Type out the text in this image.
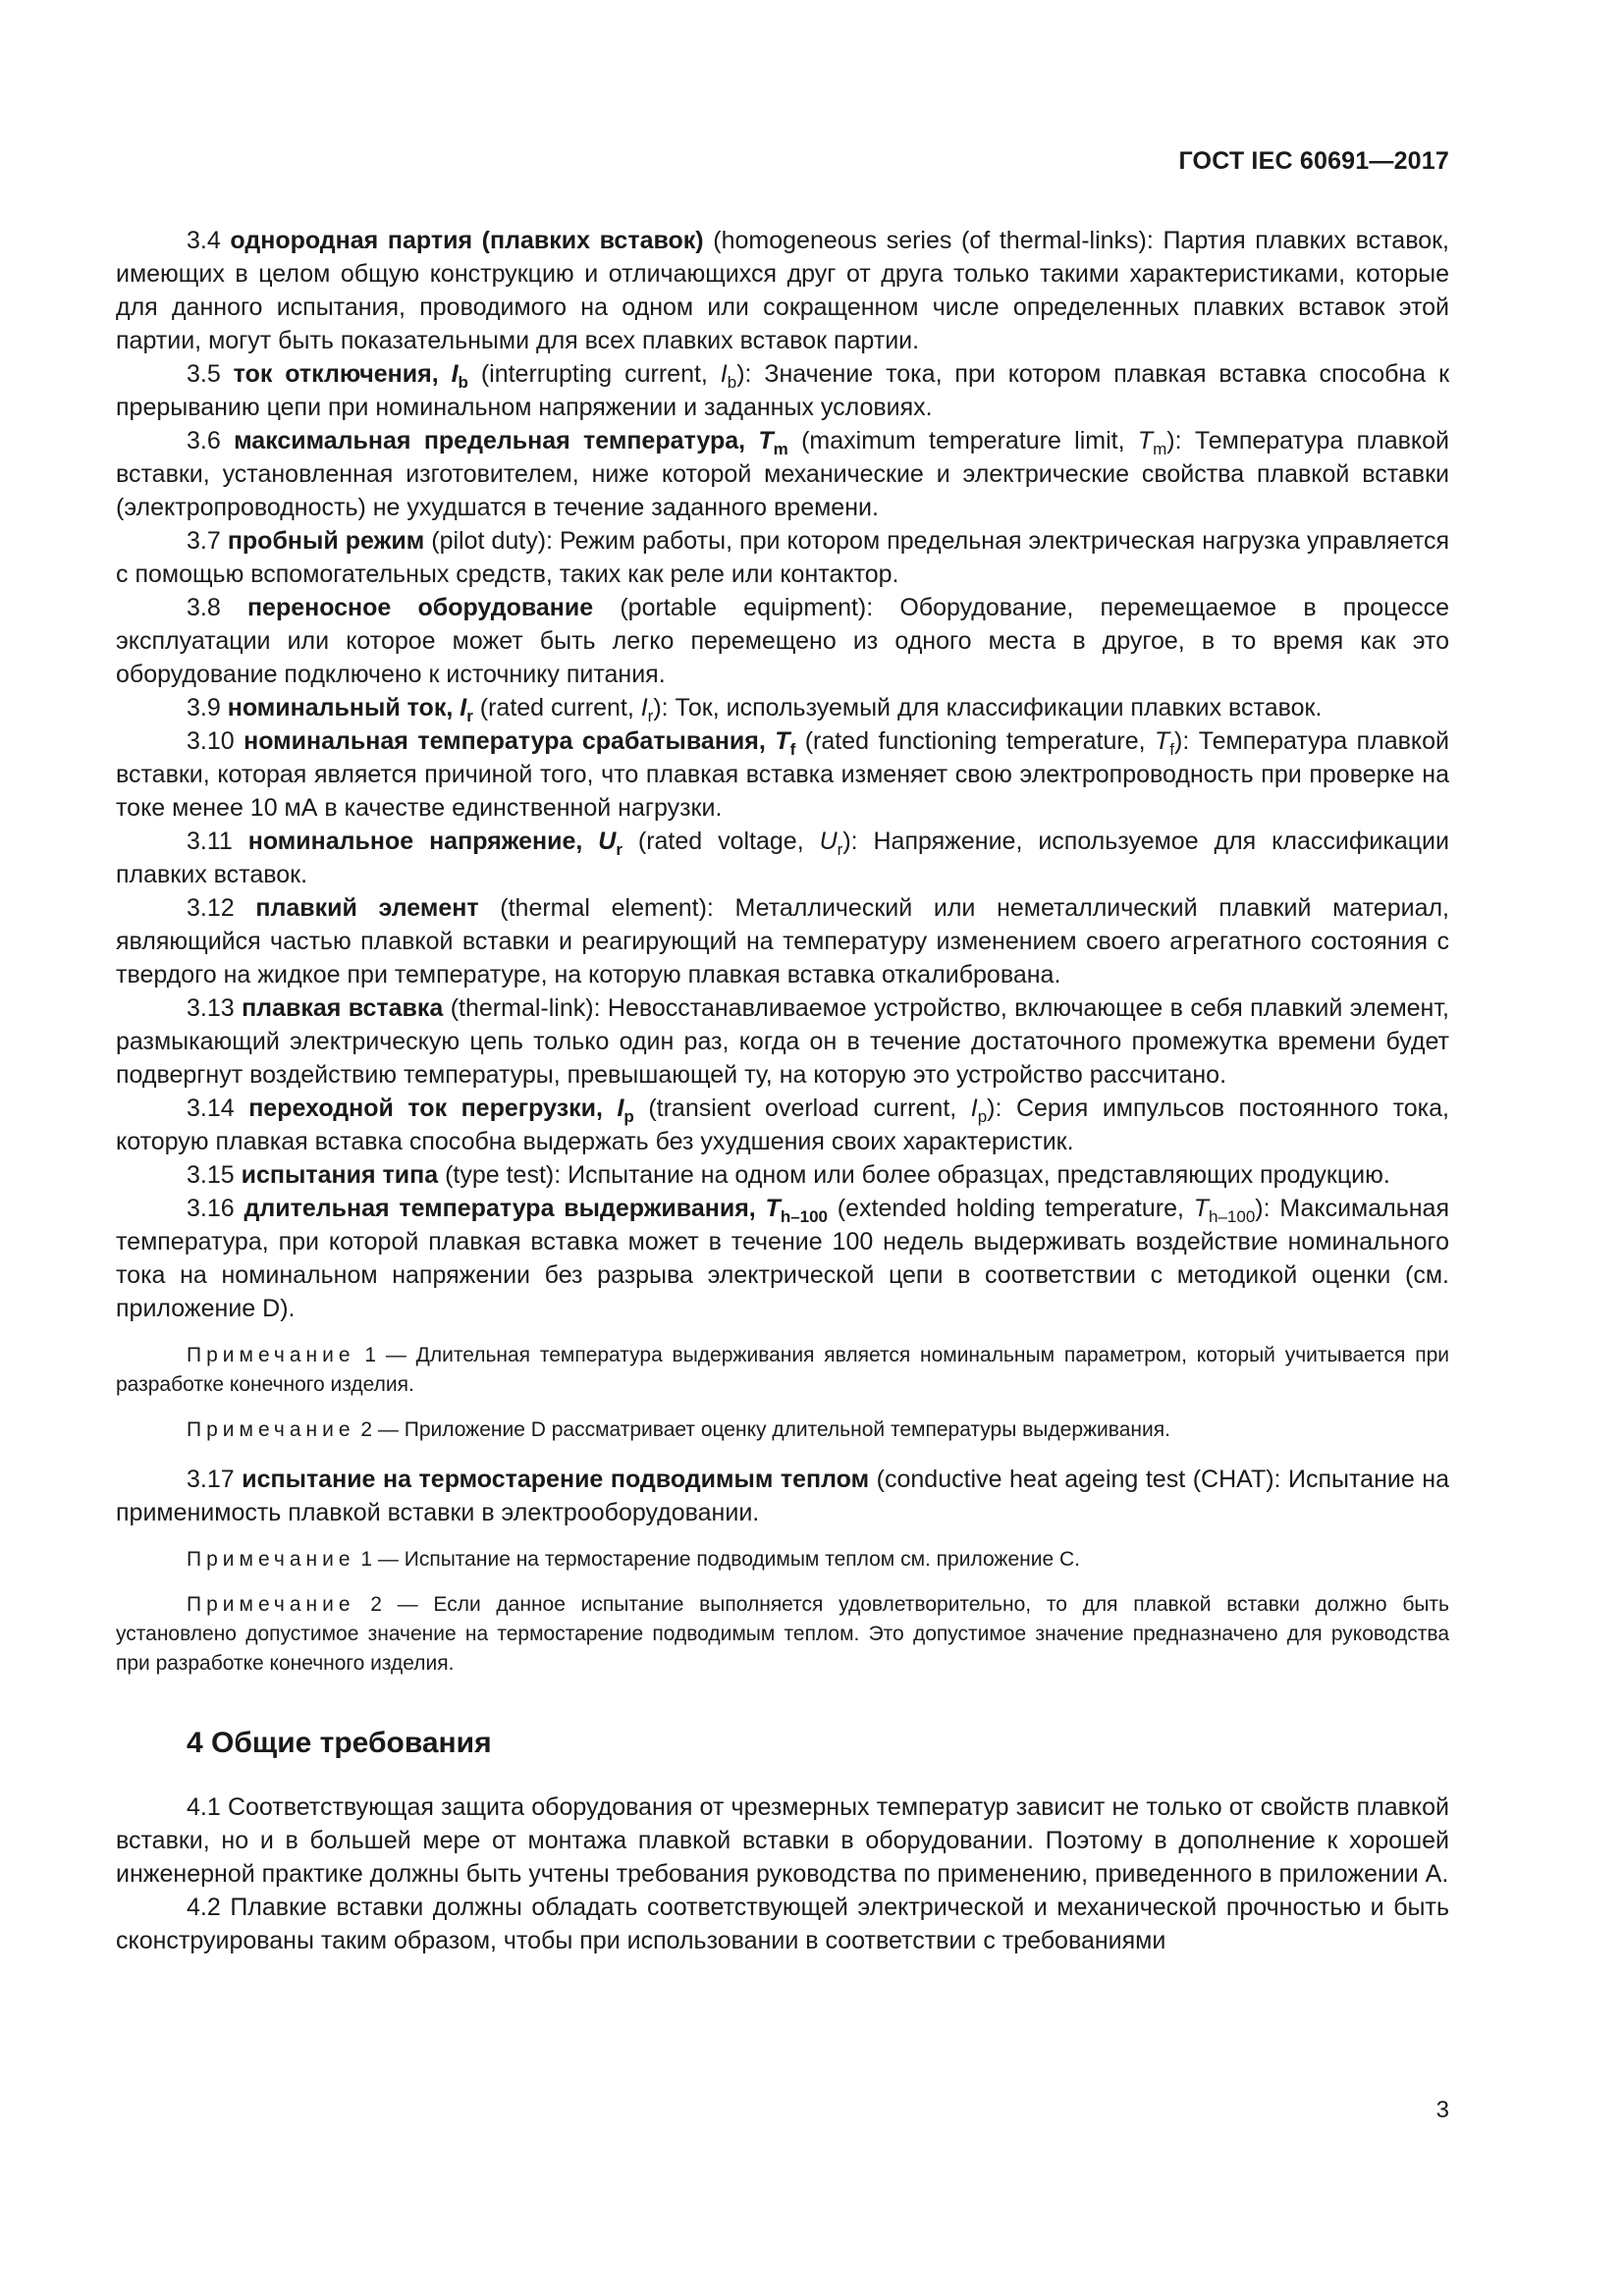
ГОСТ IEC 60691—2017

3.4 однородная партия (плавких вставок) (homogeneous series (of thermal-links): Партия плавких вставок, имеющих в целом общую конструкцию и отличающихся друг от друга только такими характеристиками, которые для данного испытания, проводимого на одном или сокращенном числе определенных плавких вставок этой партии, могут быть показательными для всех плавких вставок партии.

3.5 ток отключения, $I_b$ (interrupting current, $I_b$): Значение тока, при котором плавкая вставка способна к прерыванию цепи при номинальном напряжении и заданных условиях.

3.6 максимальная предельная температура, $T_m$ (maximum temperature limit, $T_m$): Температура плавкой вставки, установленная изготовителем, ниже которой механические и электрические свойства плавкой вставки (электропроводность) не ухудшатся в течение заданного времени.

3.7 пробный режим (pilot duty): Режим работы, при котором предельная электрическая нагрузка управляется с помощью вспомогательных средств, таких как реле или контактор.

3.8 переносное оборудование (portable equipment): Оборудование, перемещаемое в процессе эксплуатации или которое может быть легко перемещено из одного места в другое, в то время как это оборудование подключено к источнику питания.

3.9 номинальный ток, $I_r$ (rated current, $I_r$): Ток, используемый для классификации плавких вставок.

3.10 номинальная температура срабатывания, $T_f$ (rated functioning temperature, $T_f$): Температура плавкой вставки, которая является причиной того, что плавкая вставка изменяет свою электропроводность при проверке на токе менее 10 мА в качестве единственной нагрузки.

3.11 номинальное напряжение, $U_r$ (rated voltage, $U_r$): Напряжение, используемое для классификации плавких вставок.

3.12 плавкий элемент (thermal element): Металлический или неметаллический плавкий материал, являющийся частью плавкой вставки и реагирующий на температуру изменением своего агрегатного состояния с твердого на жидкое при температуре, на которую плавкая вставка откалибрована.

3.13 плавкая вставка (thermal-link): Невосстанавливаемое устройство, включающее в себя плавкий элемент, размыкающий электрическую цепь только один раз, когда он в течение достаточного промежутка времени будет подвергнут воздействию температуры, превышающей ту, на которую это устройство рассчитано.

3.14 переходной ток перегрузки, $I_p$ (transient overload current, $I_p$): Серия импульсов постоянного тока, которую плавкая вставка способна выдержать без ухудшения своих характеристик.

3.15 испытания типа (type test): Испытание на одном или более образцах, представляющих продукцию.

3.16 длительная температура выдерживания, $T_{h-100}$ (extended holding temperature, $T_{h-100}$): Максимальная температура, при которой плавкая вставка может в течение 100 недель выдерживать воздействие номинального тока на номинальном напряжении без разрыва электрической цепи в соответствии с методикой оценки (см. приложение D).

Примечание 1 — Длительная температура выдерживания является номинальным параметром, который учитывается при разработке конечного изделия.
Примечание 2 — Приложение D рассматривает оценку длительной температуры выдерживания.

3.17 испытание на термостарение подводимым теплом (conductive heat ageing test (CHAT): Испытание на применимость плавкой вставки в электрооборудовании.

Примечание 1 — Испытание на термостарение подводимым теплом см. приложение С.
Примечание 2 — Если данное испытание выполняется удовлетворительно, то для плавкой вставки должно быть установлено допустимое значение на термостарение подводимым теплом. Это допустимое значение предназначено для руководства при разработке конечного изделия.
4 Общие требования

4.1 Соответствующая защита оборудования от чрезмерных температур зависит не только от свойств плавкой вставки, но и в большей мере от монтажа плавкой вставки в оборудовании. Поэтому в дополнение к хорошей инженерной практике должны быть учтены требования руководства по применению, приведенного в приложении А.

4.2 Плавкие вставки должны обладать соответствующей электрической и механической прочностью и быть сконструированы таким образом, чтобы при использовании в соответствии с требованиями

3
